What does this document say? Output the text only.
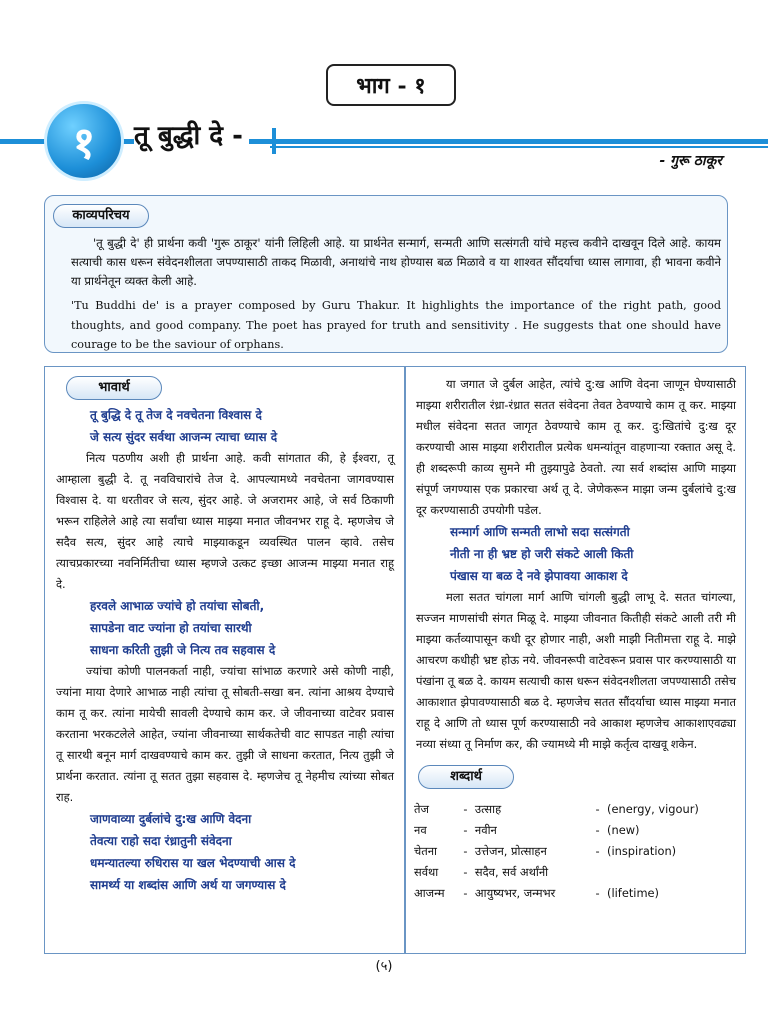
भाग - १
१	तू बुद्धी दे -
- गुरू ठाकूर
काव्यपरिचय

'तू बुद्धी दे' ही प्रार्थना कवी 'गुरू ठाकूर' यांनी लिहिली आहे. या प्रार्थनेत सन्मार्ग, सन्मती आणि सत्संगती यांचे महत्त्व कवीने दाखवून दिले आहे. कायम सत्याची कास धरून संवेदनशीलता जपण्यासाठी ताकद मिळावी, अनाथांचे नाथ होण्यास बळ मिळावे व या शाश्वत सौंदर्याचा ध्यास लागावा, ही भावना कवीने या प्रार्थनेतून व्यक्त केली आहे.

'Tu Buddhi de' is a prayer composed by Guru Thakur. It highlights the importance of the right path, good thoughts, and good company. The poet has prayed for truth and sensitivity . He suggests that one should have courage to be the saviour of orphans.

भावार्थ

तू बुद्धि दे तू तेज दे नवचेतना विश्वास दे

जे सत्य सुंदर सर्वथा आजन्म त्याचा ध्यास दे

नित्य पठणीय अशी ही प्रार्थना आहे. कवी सांगतात की, हे ईश्वरा, तू आम्हाला बुद्धी दे. तू नवविचारांचे तेज दे. आपल्यामध्ये नवचेतना जागवण्यास विश्वास दे. या धरतीवर जे सत्य, सुंदर आहे. जे अजरामर आहे, जे सर्व ठिकाणी भरून राहिलेले आहे त्या सर्वांचा ध्यास माझ्या मनात जीवनभर राहू दे. म्हणजेच जे सदैव सत्य, सुंदर आहे त्याचे माझ्याकडून व्यवस्थित पालन व्हावे. तसेच त्याचप्रकारच्या नवनिर्मितीचा ध्यास म्हणजे उत्कट इच्छा आजन्म माझ्या मनात राहू दे.

हरवले आभाळ ज्यांचे हो तयांचा सोबती,

सापडेना वाट ज्यांना हो तयांचा सारथी

साधना करिती तुझी जे नित्य तव सहवास दे

ज्यांचा कोणी पालनकर्ता नाही, ज्यांचा सांभाळ करणारे असे कोणी नाही, ज्यांना माया देणारे आभाळ नाही त्यांचा तू सोबती-सखा बन. त्यांना आश्रय देण्याचे काम तू कर. त्यांना मायेची सावली देण्याचे काम कर. जे जीवनाच्या वाटेवर प्रवास करताना भरकटलेले आहेत, ज्यांना जीवनाच्या सार्थकतेची वाट सापडत नाही त्यांचा तू सारथी बनून मार्ग दाखवण्याचे काम कर. तुझी जे साधना करतात, नित्य तुझी जे प्रार्थना करतात. त्यांना तू सतत तुझा सहवास दे. म्हणजेच तू नेहमीच त्यांच्या सोबत राह.

जाणवाव्या दुर्बलांचे दु:ख आणि वेदना

तेवत्या राहो सदा रंध्रातुनी संवेदना

धमन्यातल्या रुधिरास या खल भेदण्याची आस दे

सामर्थ्य या शब्दांस आणि अर्थ या जगण्यास दे

या जगात जे दुर्बल आहेत, त्यांचे दु:ख आणि वेदना जाणून घेण्यासाठी माझ्या शरीरातील रंध्रा-रंध्रात सतत संवेदना तेवत ठेवण्याचे काम तू कर. माझ्या मधील संवेदना सतत जागृत ठेवण्याचे काम तू कर. दु:खितांचे दु:ख दूर करण्याची आस माझ्या शरीरातील प्रत्येक धमन्यांतून वाहणाऱ्या रक्तात असू दे. ही शब्दरूपी काव्य सुमने मी तुझ्यापुढे ठेवतो. त्या सर्व शब्दांस आणि माझ्या संपूर्ण जगण्यास एक प्रकारचा अर्थ तू दे. जेणेकरून माझा जन्म दुर्बलांचे दु:ख दूर करण्यासाठी उपयोगी पडेल.

सन्मार्ग आणि सन्मती लाभो सदा सत्संगती

नीती ना ही भ्रष्ट हो जरी संकटे आली किती

पंखास या बळ दे नवे झेपावया आकाश दे

मला सतत चांगला मार्ग आणि चांगली बुद्धी लाभू दे. सतत चांगल्या, सज्जन माणसांची संगत मिळू दे. माझ्या जीवनात कितीही संकटे आली तरी मी माझ्या कर्तव्यापासून कधी दूर होणार नाही, अशी माझी नितीमत्ता राहू दे. माझे आचरण कधीही भ्रष्ट होऊ नये. जीवनरूपी वाटेवरून प्रवास पार करण्यासाठी या पंखांना तू बळ दे. कायम सत्याची कास धरून संवेदनशीलता जपण्यासाठी तसेच आकाशात झेपावण्यासाठी बळ दे. म्हणजेच सतत सौंदर्याचा ध्यास माझ्या मनात राहू दे आणि तो ध्यास पूर्ण करण्यासाठी नवे आकाश म्हणजेच आकाशाएवढ्या नव्या संध्या तू निर्माण कर, की ज्यामध्ये मी माझे कर्तृत्व दाखवू शकेन.

शब्दार्थ
तेज	-	उत्साह	-	(energy, vigour)
नव	-	नवीन	-	(new)
चेतना	-	उत्तेजन, प्रोत्साहन	-	(inspiration)
सर्वथा	-	सदैव, सर्व अर्थांनी		
आजन्म	-	आयुष्यभर, जन्मभर	-	(lifetime)
(५)
